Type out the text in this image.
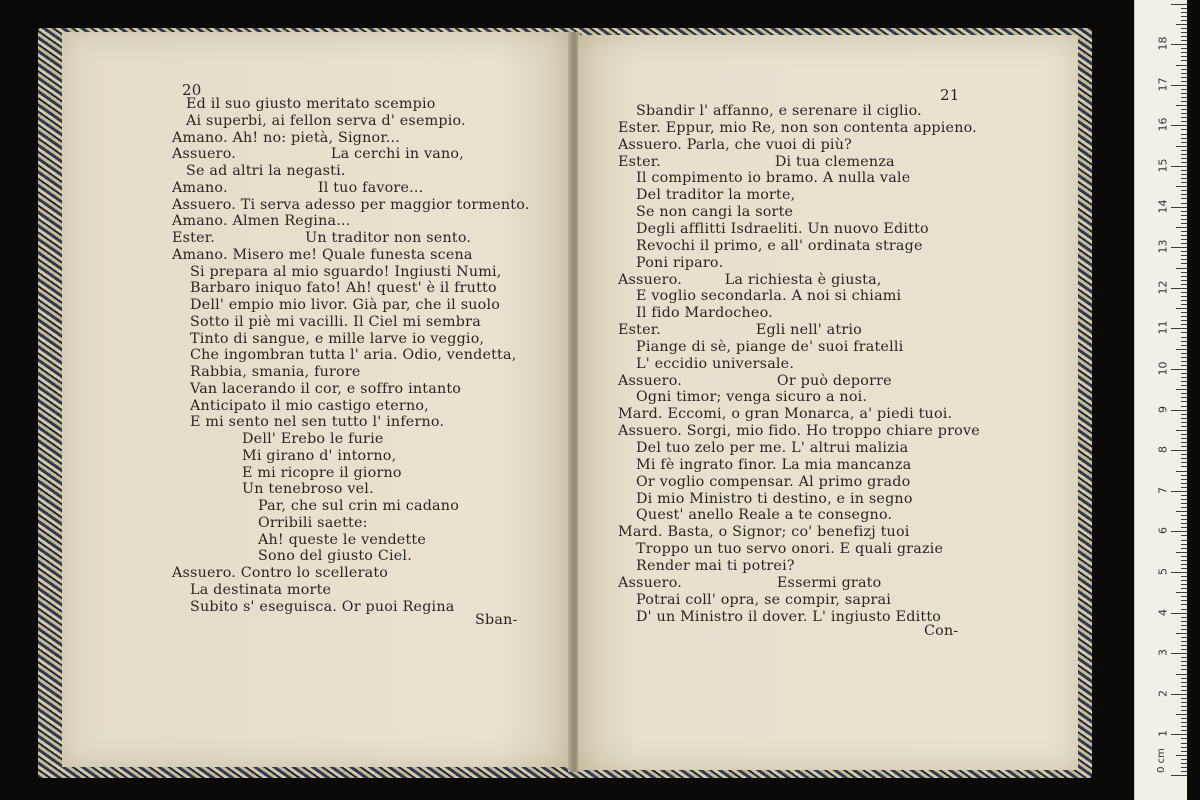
20
Ed il suo giusto meritato scempio
Ai superbi, ai fellon serva d' esempio.
Amano. Ah! no: pietà, Signor...
Assuero.                    La cerchi in vano,
Se ad altri la negasti.
Amano.                   Il tuo favore...
Assuero. Ti serva adesso per maggior tormento.
Amano. Almen Regina...
Ester.                   Un traditor non sento.
Amano. Misero me! Quale funesta scena
Si prepara al mio sguardo! Ingiusti Numi,
Barbaro iniquo fato! Ah! quest' è il frutto
Dell' empio mio livor. Già par, che il suolo
Sotto il piè mi vacilli. Il Ciel mi sembra
Tinto di sangue, e mille larve io veggio,
Che ingombran tutta l' aria. Odio, vendetta,
Rabbia, smania, furore
Van lacerando il cor, e soffro intanto
Anticipato il mio castigo eterno,
E mi sento nel sen tutto l' inferno.
Dell' Erebo le furie
Mi girano d' intorno,
E mi ricopre il giorno
Un tenebroso vel.
Par, che sul crin mi cadano
Orribili saette:
Ah! queste le vendette
Sono del giusto Ciel.
Assuero. Contro lo scellerato
La destinata morte
Subito s' eseguisca. Or puoi Regina
Sban-
21
Sbandir l' affanno, e serenare il ciglio.
Ester. Eppur, mio Re, non son contenta appieno.
Assuero. Parla, che vuoi di più?
Ester.                        Di tua clemenza
Il compimento io bramo. A nulla vale
Del traditor la morte,
Se non cangi la sorte
Degli afflitti Isdraeliti. Un nuovo Editto
Revochi il primo, e all' ordinata strage
Poni riparo.
Assuero.         La richiesta è giusta,
E voglio secondarla. A noi si chiami
Il fido Mardocheo.
Ester.                    Egli nell' atrio
Piange di sè, piange de' suoi fratelli
L' eccidio universale.
Assuero.                    Or può deporre
Ogni timor; venga sicuro a noi.
Mard. Eccomi, o gran Monarca, a' piedi tuoi.
Assuero. Sorgi, mio fido. Ho troppo chiare prove
Del tuo zelo per me. L' altrui malizia
Mi fè ingrato finor. La mia mancanza
Or voglio compensar. Al primo grado
Di mio Ministro ti destino, e in segno
Quest' anello Reale a te consegno.
Mard. Basta, o Signor; co' benefizj tuoi
Troppo un tuo servo onori. E quali grazie
Render mai ti potrei?
Assuero.                    Essermi grato
Potrai coll' opra, se compir, saprai
D' un Ministro il dover. L' ingiusto Editto
Con-
1
2
3
4
5
6
7
8
9
10
11
12
13
14
15
16
17
18
0 cm
